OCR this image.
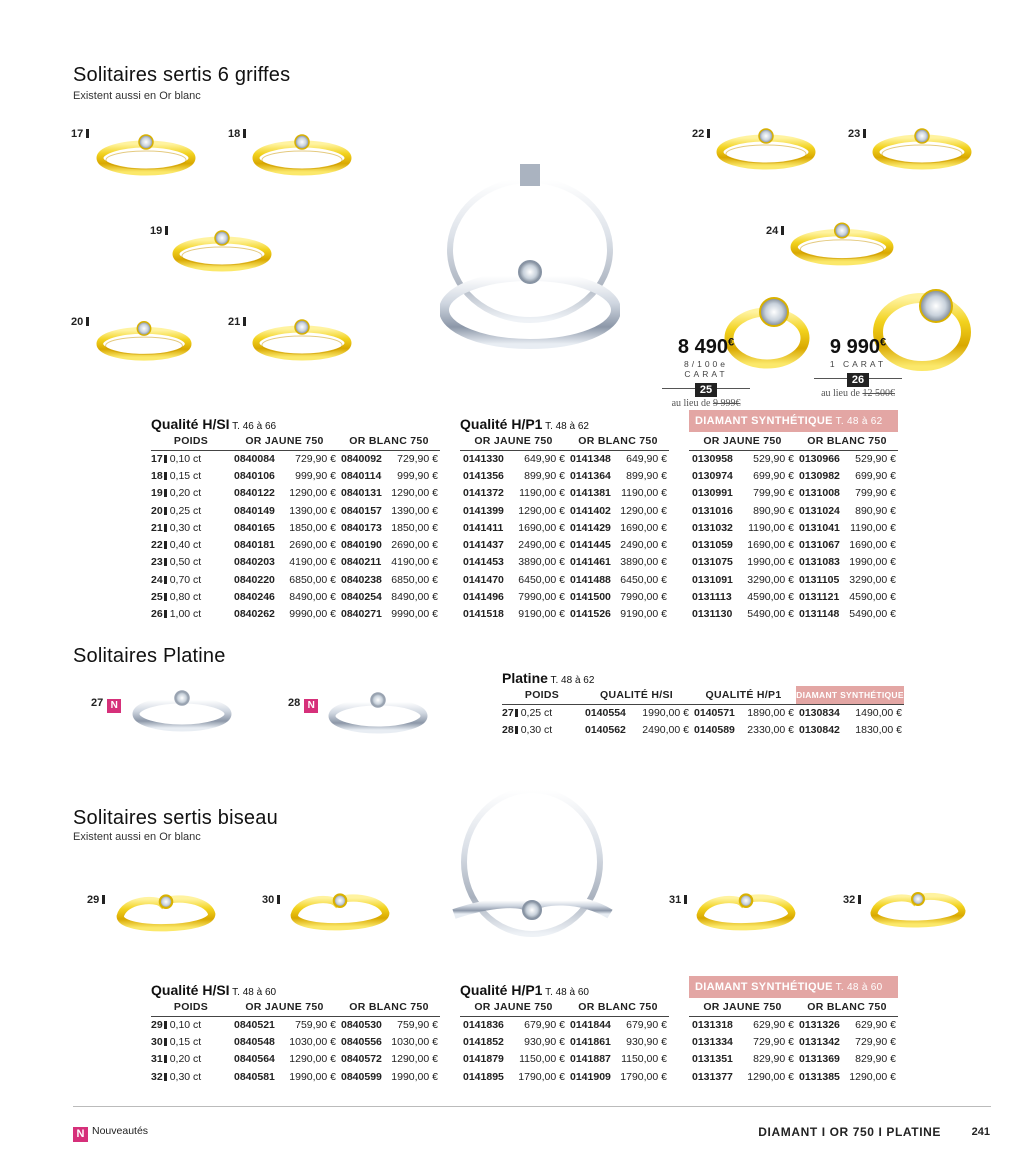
Solitaires sertis 6 griffes
Existent aussi en Or blanc
17	18
19
20	21
22	23
24
8 490€
8/100e CARAT
25
au lieu de 9 999€
9 990€
1 CARAT
26
au lieu de 12 500€
Qualité H/SI T. 46 à 66						Qualité H/P1 T. 48 à 62					DIAMANT SYNTHÉTIQUE T. 48 à 62			
POIDS	OR JAUNE 750		OR BLANC 750			OR JAUNE 750		OR BLANC 750			OR JAUNE 750		OR BLANC 750	
17 0,10 ct	0840084	729,90 €	0840092	729,90 €		0141330	649,90 €	0141348	649,90 €		0130958	529,90 €	0130966	529,90 €
18 0,15 ct	0840106	999,90 €	0840114	999,90 €		0141356	899,90 €	0141364	899,90 €		0130974	699,90 €	0130982	699,90 €
19 0,20 ct	0840122	1290,00 €	0840131	1290,00 €		0141372	1190,00 €	0141381	1190,00 €		0130991	799,90 €	0131008	799,90 €
20 0,25 ct	0840149	1390,00 €	0840157	1390,00 €		0141399	1290,00 €	0141402	1290,00 €		0131016	890,90 €	0131024	890,90 €
21 0,30 ct	0840165	1850,00 €	0840173	1850,00 €		0141411	1690,00 €	0141429	1690,00 €		0131032	1190,00 €	0131041	1190,00 €
22 0,40 ct	0840181	2690,00 €	0840190	2690,00 €		0141437	2490,00 €	0141445	2490,00 €		0131059	1690,00 €	0131067	1690,00 €
23 0,50 ct	0840203	4190,00 €	0840211	4190,00 €		0141453	3890,00 €	0141461	3890,00 €		0131075	1990,00 €	0131083	1990,00 €
24 0,70 ct	0840220	6850,00 €	0840238	6850,00 €		0141470	6450,00 €	0141488	6450,00 €		0131091	3290,00 €	0131105	3290,00 €
25 0,80 ct	0840246	8490,00 €	0840254	8490,00 €		0141496	7990,00 €	0141500	7990,00 €		0131113	4590,00 €	0131121	4590,00 €
26 1,00 ct	0840262	9990,00 €	0840271	9990,00 €		0141518	9190,00 €	0141526	9190,00 €		0131130	5490,00 €	0131148	5490,00 €
Solitaires Platine
27 N	28 N
Platine T. 48 à 62						
POIDS	QUALITÉ H/SI		QUALITÉ H/P1		DIAMANT SYNTHÉTIQUE	
27 0,25 ct	0140554	1990,00 €	0140571	1890,00 €	0130834	1490,00 €
28 0,30 ct	0140562	2490,00 €	0140589	2330,00 €	0130842	1830,00 €
Solitaires sertis biseau
Existent aussi en Or blanc
29	30	31	32
Qualité H/SI T. 48 à 60						Qualité H/P1 T. 48 à 60					DIAMANT SYNTHÉTIQUE T. 48 à 60			
POIDS	OR JAUNE 750		OR BLANC 750			OR JAUNE 750		OR BLANC 750			OR JAUNE 750		OR BLANC 750	
29 0,10 ct	0840521	759,90 €	0840530	759,90 €		0141836	679,90 €	0141844	679,90 €		0131318	629,90 €	0131326	629,90 €
30 0,15 ct	0840548	1030,00 €	0840556	1030,00 €		0141852	930,90 €	0141861	930,90 €		0131334	729,90 €	0131342	729,90 €
31 0,20 ct	0840564	1290,00 €	0840572	1290,00 €		0141879	1150,00 €	0141887	1150,00 €		0131351	829,90 €	0131369	829,90 €
32 0,30 ct	0840581	1990,00 €	0840599	1990,00 €		0141895	1790,00 €	0141909	1790,00 €		0131377	1290,00 €	0131385	1290,00 €
N Nouveautés	DIAMANT I OR 750 I PLATINE	241
